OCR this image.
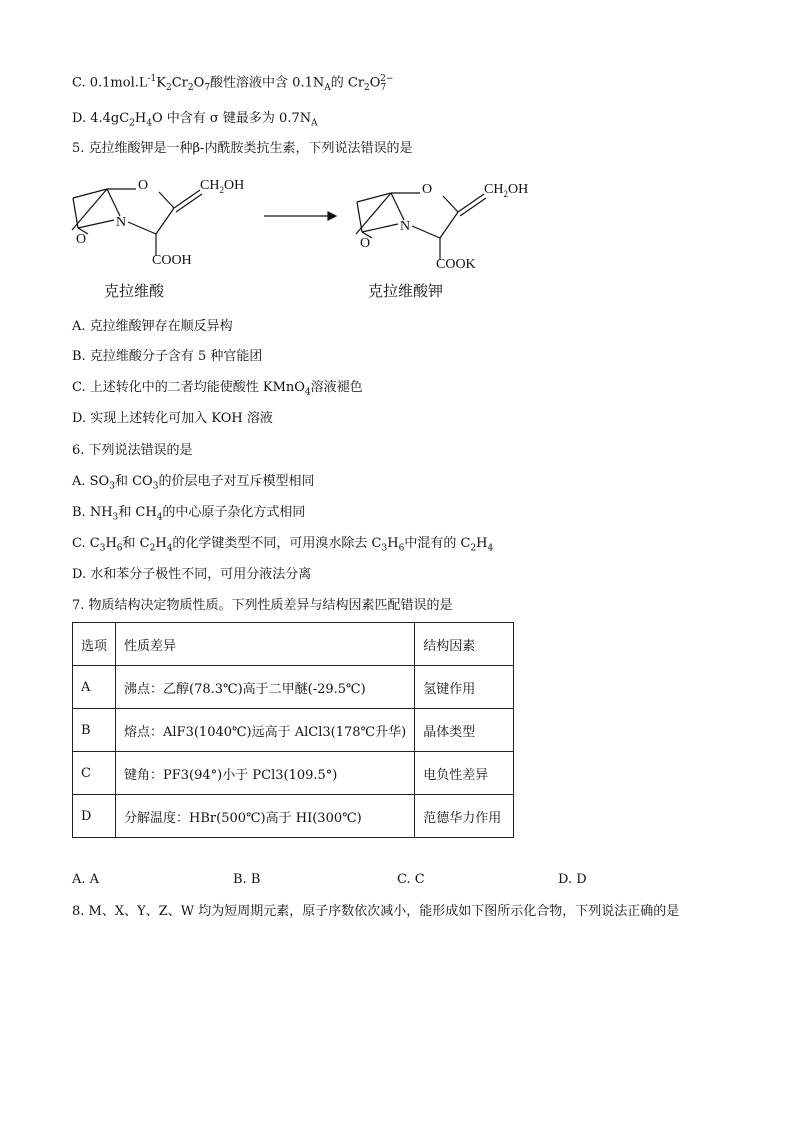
C. $0.1mol.L^{-1}K_2Cr_2O_7$酸性溶液中含 $0.1N_A$的 $Cr_2O_7^{2-}$
D. $4.4gC_2H_4O$ 中含有 σ 键最多为 $0.7N_A$
5. 克拉维酸钾是一种β-内酰胺类抗生素，下列说法错误的是
O
N
O
$CH_2OH$
COOH
克拉维酸
O
N
O
$CH_2OH$
COOK
克拉维酸钾
A. 克拉维酸钾存在顺反异构
B. 克拉维酸分子含有 5 种官能团
C. 上述转化中的二者均能使酸性 KMnO$_4$溶液褪色
D. 实现上述转化可加入 KOH 溶液
6. 下列说法错误的是
A. $SO_3$和 $CO_3$的价层电子对互斥模型相同
B. $NH_3$和 $CH_4$的中心原子杂化方式相同
C. $C_3H_6$和 $C_2H_4$的化学键类型不同，可用溴水除去 $C_3H_6$中混有的 $C_2H_4$
D. 水和苯分子极性不同，可用分液法分离
7. 物质结构决定物质性质。下列性质差异与结构因素匹配错误的是
选项	性质差异	结构因素
A	沸点：乙醇(78.3℃)高于二甲醚(-29.5℃)	氢键作用
B	熔点：AlF3(1040℃)远高于 AlCl3(178℃升华)	晶体类型
C	键角：PF3(94°)小于 PCl3(109.5°)	电负性差异
D	分解温度：HBr(500℃)高于 HI(300℃)	范德华力作用
A. A	B. B	C. C	D. D
8. M、X、Y、Z、W 均为短周期元素，原子序数依次减小，能形成如下图所示化合物，下列说法正确的是
